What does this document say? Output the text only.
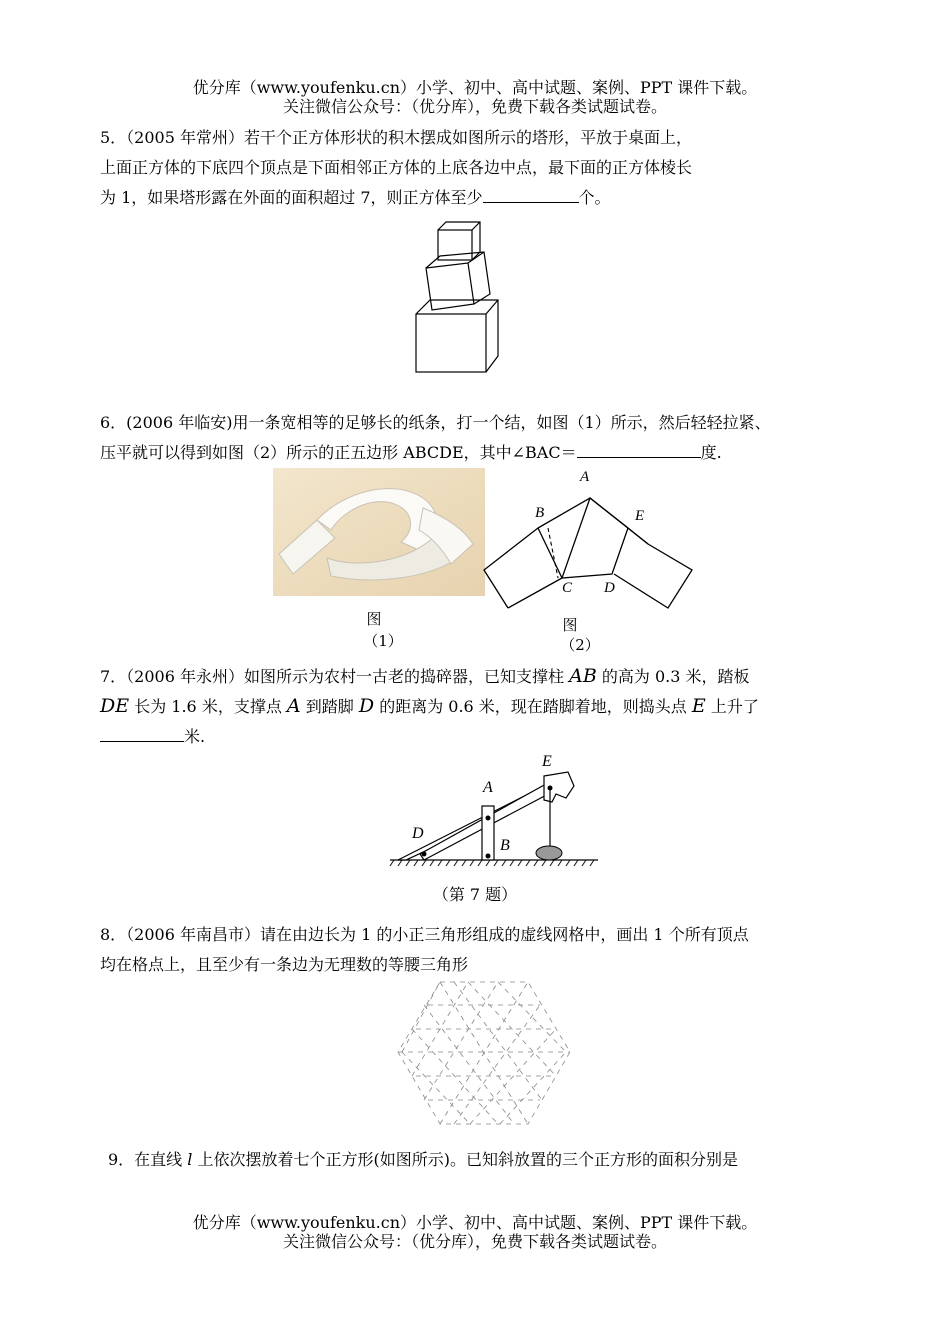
优分库（www.youfenku.cn）小学、初中、高中试题、案例、PPT 课件下载。
关注微信公众号：（优分库），免费下载各类试题试卷。
5．（2005 年常州）若干个正方体形状的积木摆成如图所示的塔形，平放于桌面上，
上面正方体的下底四个顶点是下面相邻正方体的上底各边中点，最下面的正方体棱长
为 1，如果塔形露在外面的面积超过 7，则正方体至少	个。
6．(2006 年临安)用一条宽相等的足够长的纸条，打一个结，如图（1）所示，然后轻轻拉紧、
压平就可以得到如图（2）所示的正五边形 ABCDE，其中∠BAC＝	度.
图
（1）
A
B	E
C D
图
（2）
7．（2006 年永州）如图所示为农村一古老的捣碎器，已知支撑柱 AB 的高为 0.3 米，踏板
DE 长为 1.6 米，支撑点 A 到踏脚 D 的距离为 0.6 米，现在踏脚着地，则捣头点 E 上升了
米.
A
B
D
E
（第 7 题）
8．（2006 年南昌市）请在由边长为 1 的小正三角形组成的虚线网格中，画出 1 个所有顶点
均在格点上，且至少有一条边为无理数的等腰三角形
9．在直线 l 上依次摆放着七个正方形(如图所示)。已知斜放置的三个正方形的面积分别是
优分库（www.youfenku.cn）小学、初中、高中试题、案例、PPT 课件下载。
关注微信公众号：（优分库），免费下载各类试题试卷。
